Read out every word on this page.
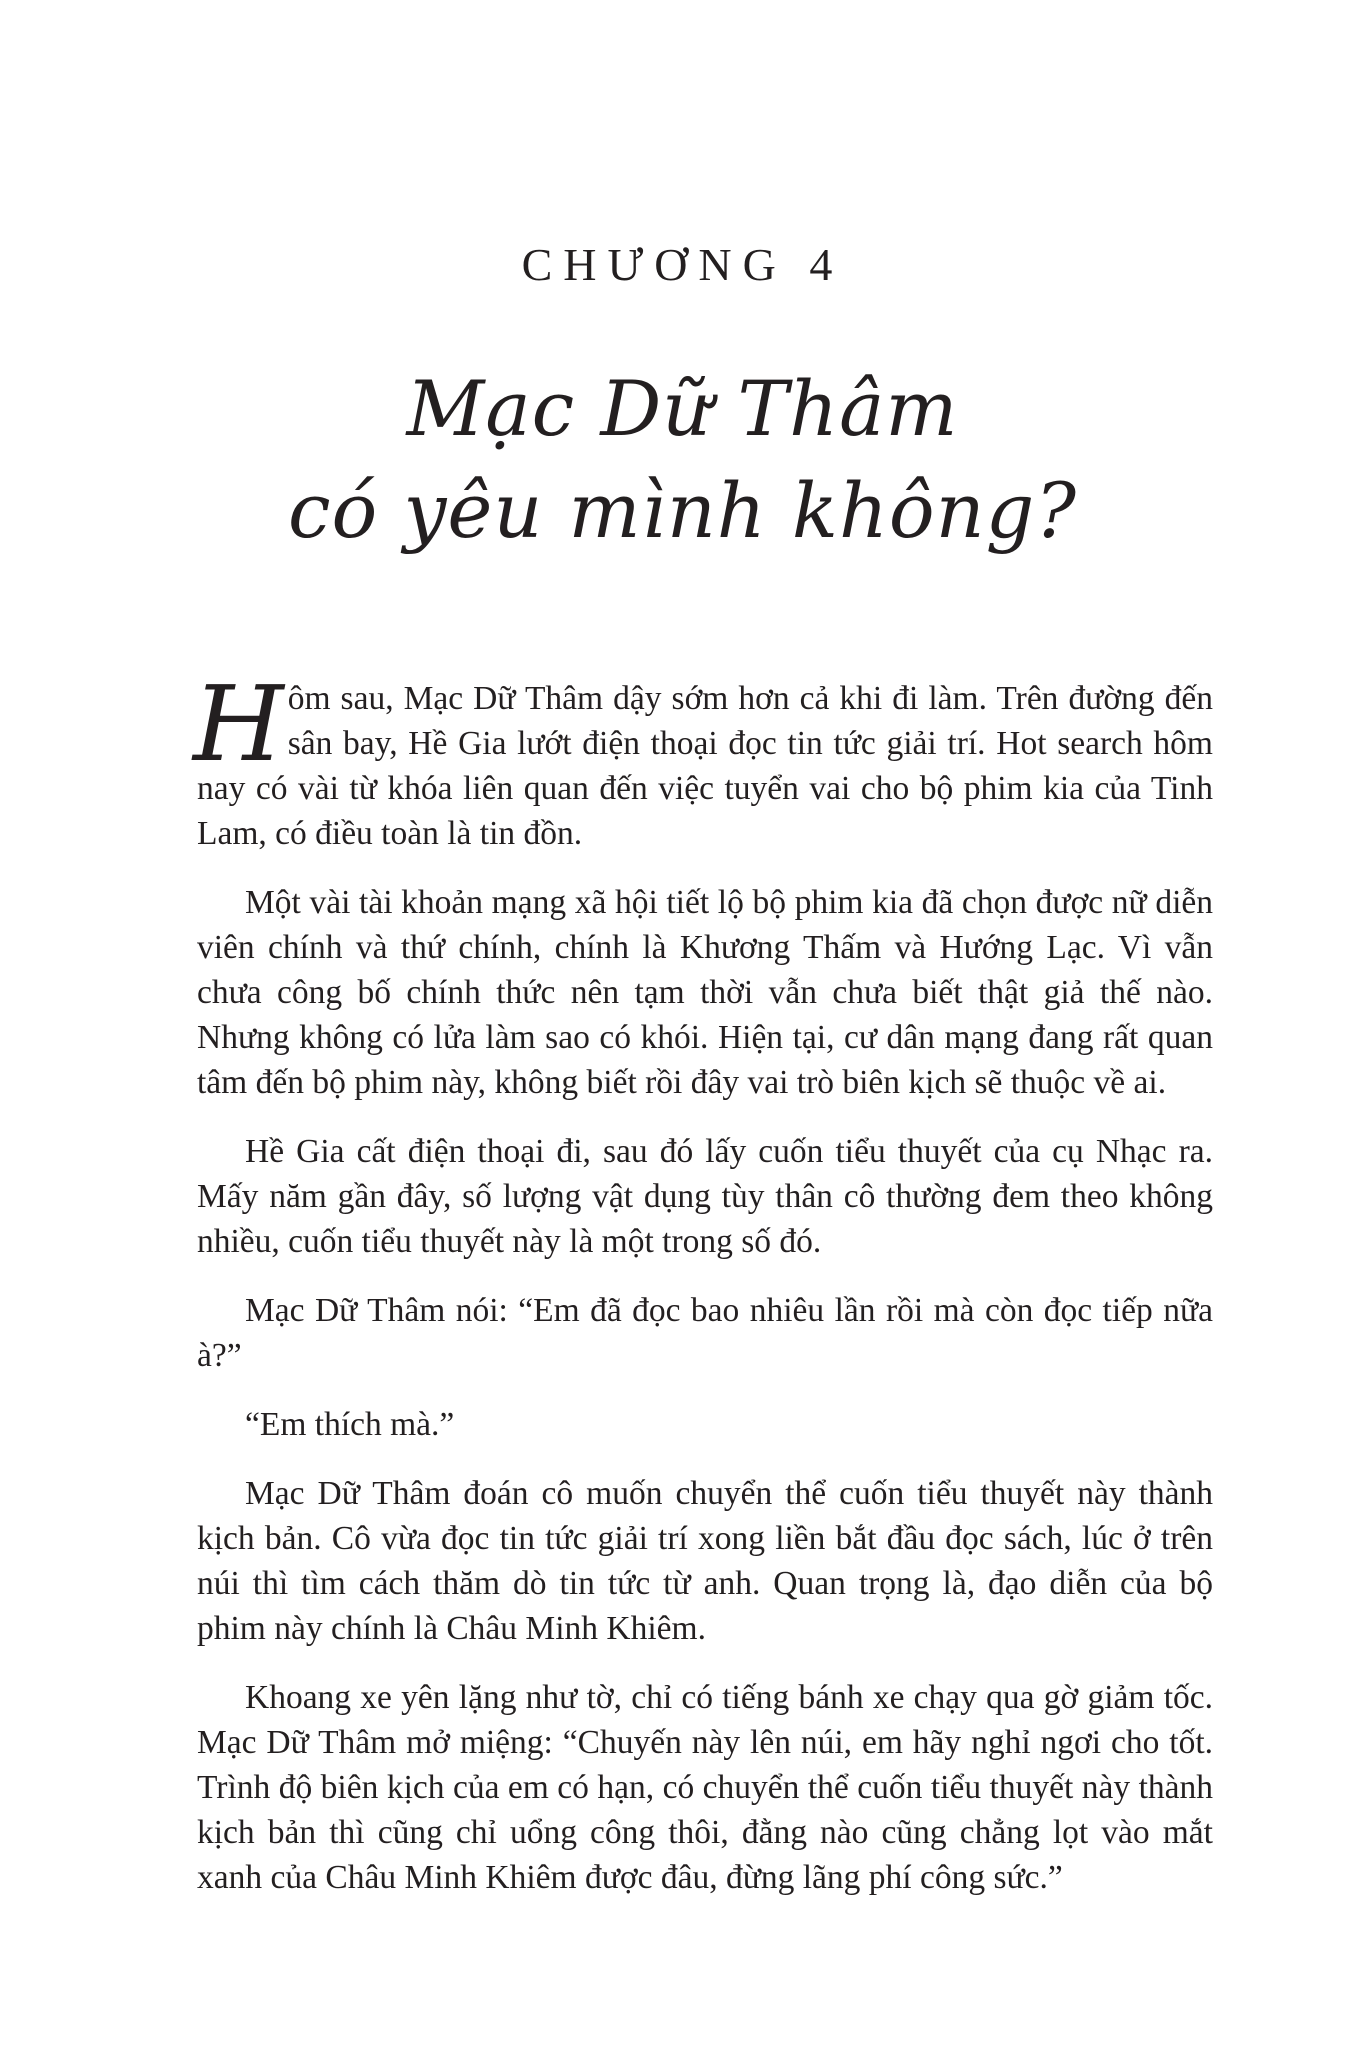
CHƯƠNG 4
Mạc Dữ Thâm
có yêu mình không?

Hôm sau, Mạc Dữ Thâm dậy sớm hơn cả khi đi làm. Trên đường đến sân bay, Hề Gia lướt điện thoại đọc tin tức giải trí. Hot search hôm nay có vài từ khóa liên quan đến việc tuyển vai cho bộ phim kia của Tinh Lam, có điều toàn là tin đồn.

Một vài tài khoản mạng xã hội tiết lộ bộ phim kia đã chọn được nữ diễn viên chính và thứ chính, chính là Khương Thấm và Hướng Lạc. Vì vẫn chưa công bố chính thức nên tạm thời vẫn chưa biết thật giả thế nào. Nhưng không có lửa làm sao có khói. Hiện tại, cư dân mạng đang rất quan tâm đến bộ phim này, không biết rồi đây vai trò biên kịch sẽ thuộc về ai.

Hề Gia cất điện thoại đi, sau đó lấy cuốn tiểu thuyết của cụ Nhạc ra. Mấy năm gần đây, số lượng vật dụng tùy thân cô thường đem theo không nhiều, cuốn tiểu thuyết này là một trong số đó.

Mạc Dữ Thâm nói: “Em đã đọc bao nhiêu lần rồi mà còn đọc tiếp nữa à?”

“Em thích mà.”

Mạc Dữ Thâm đoán cô muốn chuyển thể cuốn tiểu thuyết này thành kịch bản. Cô vừa đọc tin tức giải trí xong liền bắt đầu đọc sách, lúc ở trên núi thì tìm cách thăm dò tin tức từ anh. Quan trọng là, đạo diễn của bộ phim này chính là Châu Minh Khiêm.

Khoang xe yên lặng như tờ, chỉ có tiếng bánh xe chạy qua gờ giảm tốc. Mạc Dữ Thâm mở miệng: “Chuyến này lên núi, em hãy nghỉ ngơi cho tốt. Trình độ biên kịch của em có hạn, có chuyển thể cuốn tiểu thuyết này thành kịch bản thì cũng chỉ uổng công thôi, đằng nào cũng chẳng lọt vào mắt xanh của Châu Minh Khiêm được đâu, đừng lãng phí công sức.”
